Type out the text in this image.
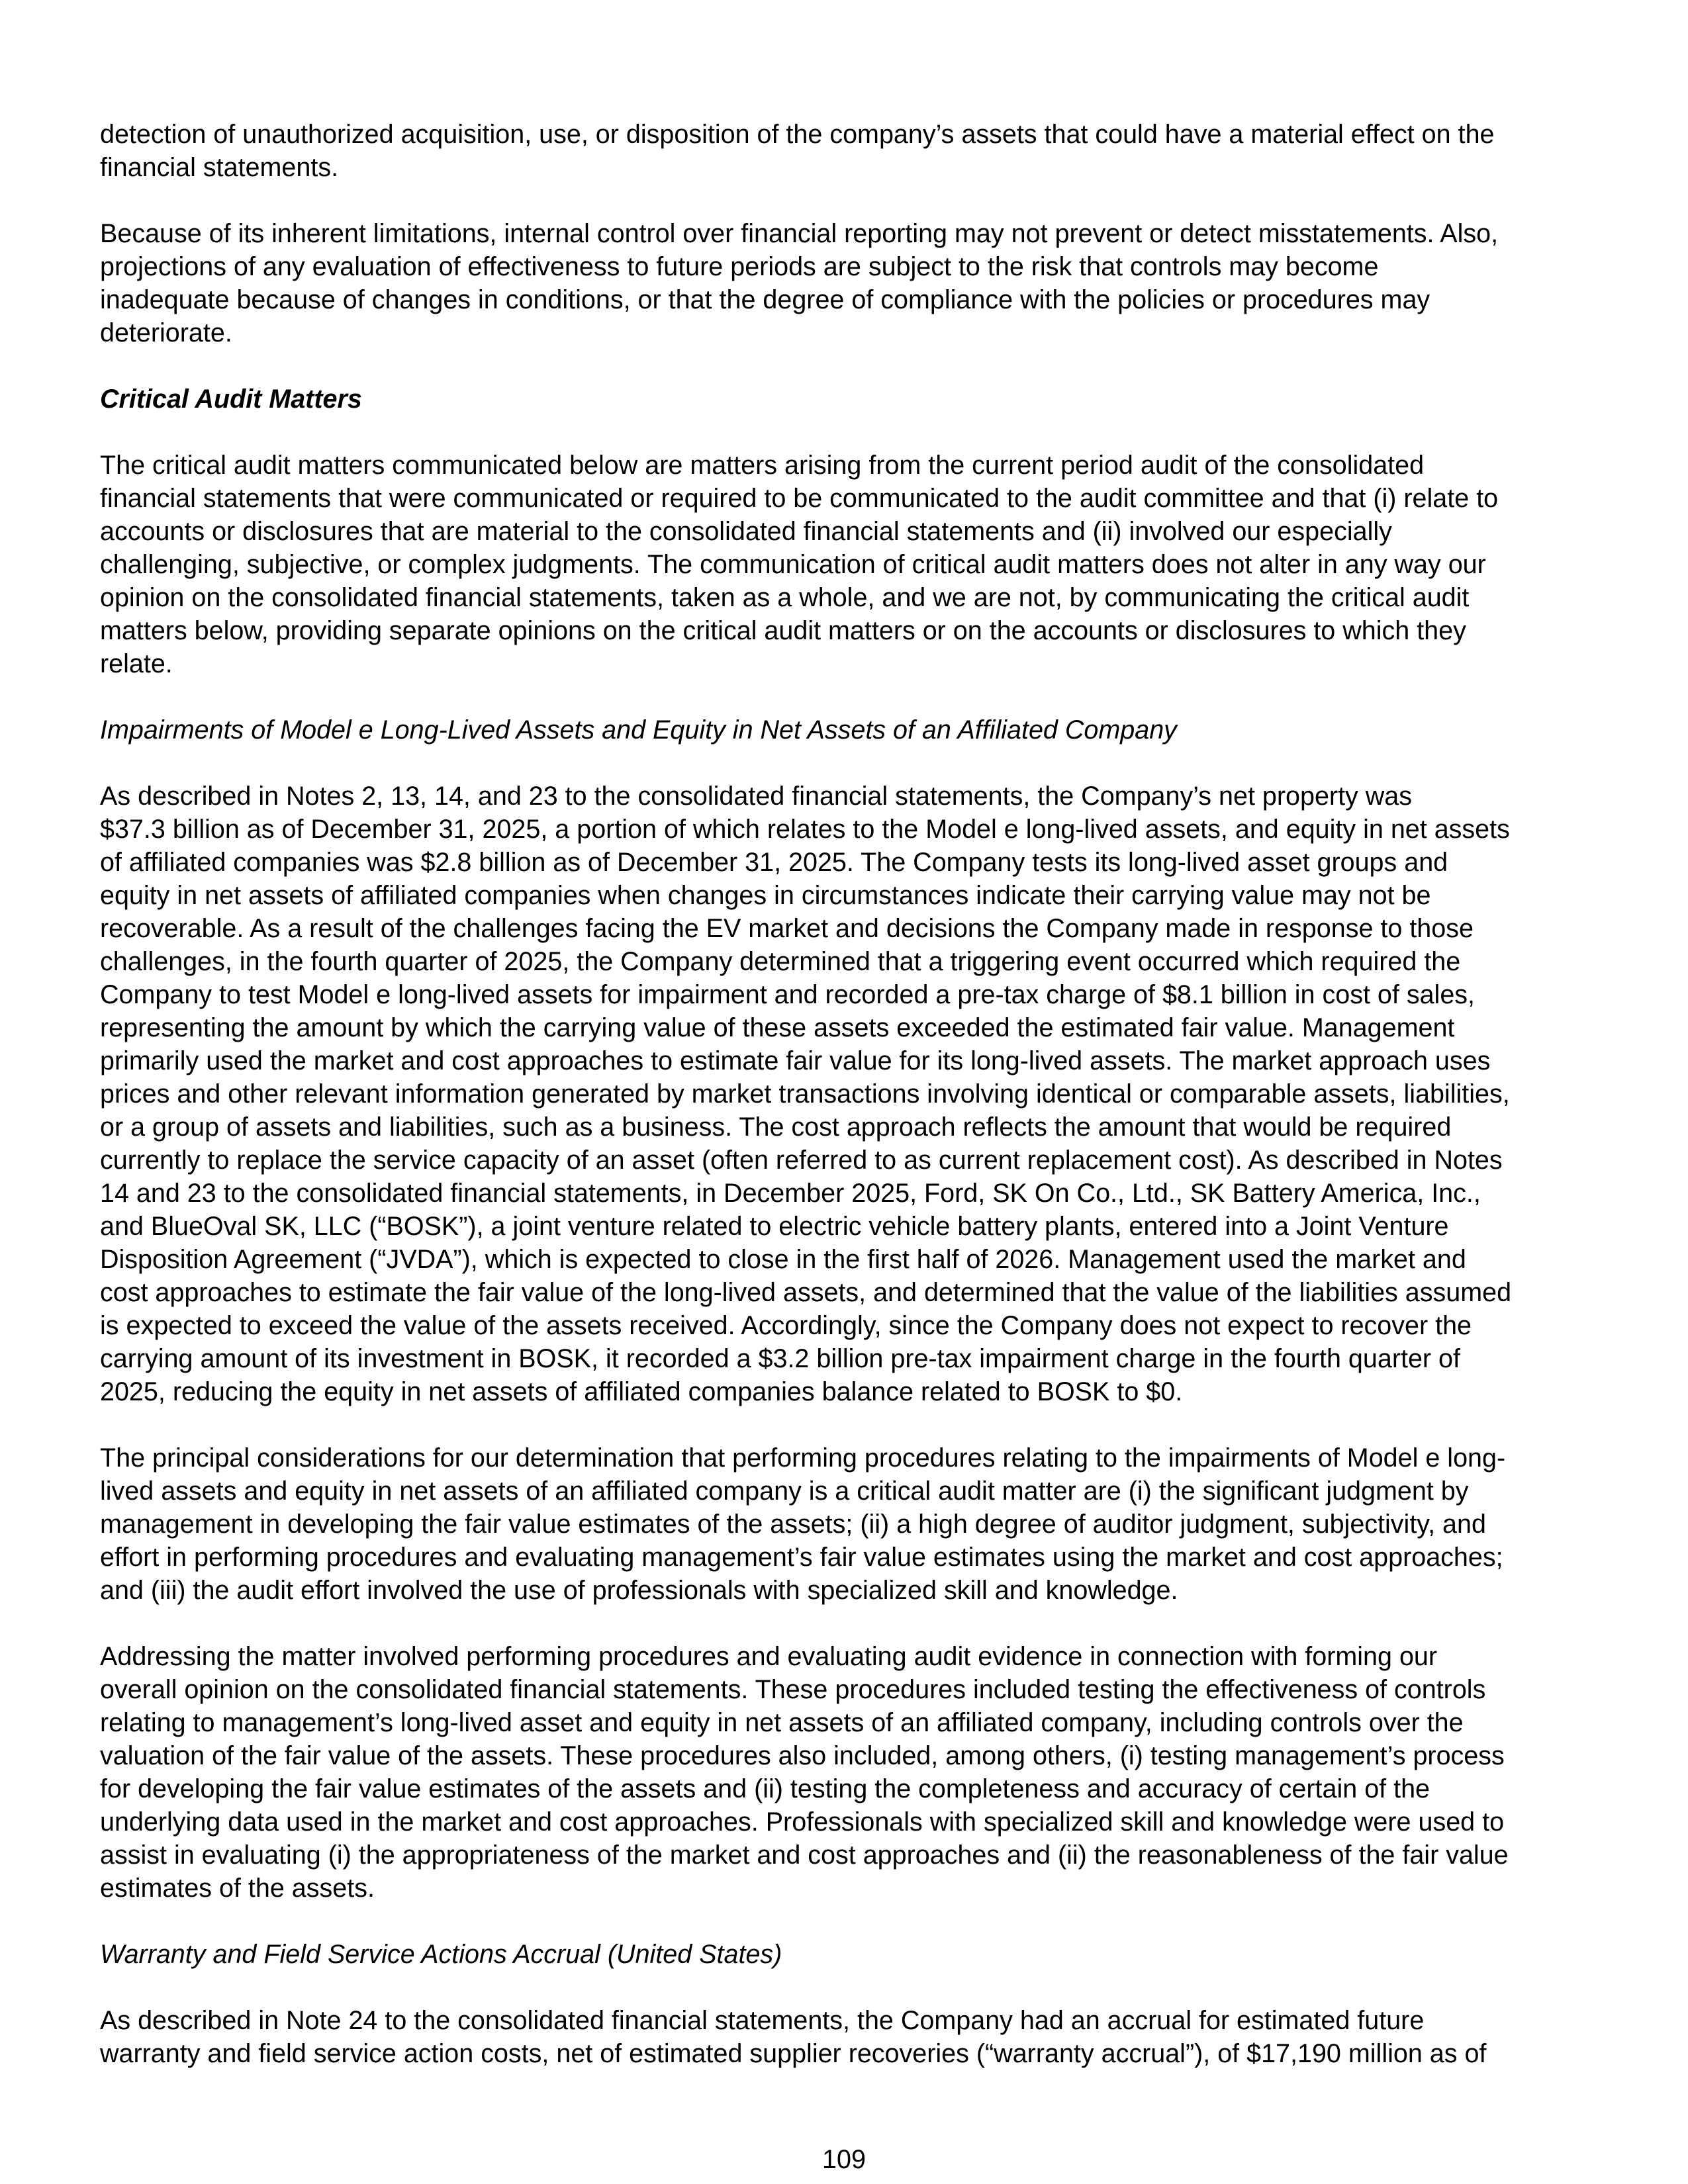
detection of unauthorized acquisition, use, or disposition of the company’s assets that could have a material effect on the
financial statements.

Because of its inherent limitations, internal control over financial reporting may not prevent or detect misstatements. Also,
projections of any evaluation of effectiveness to future periods are subject to the risk that controls may become
inadequate because of changes in conditions, or that the degree of compliance with the policies or procedures may
deteriorate.

Critical Audit Matters

The critical audit matters communicated below are matters arising from the current period audit of the consolidated
financial statements that were communicated or required to be communicated to the audit committee and that (i) relate to
accounts or disclosures that are material to the consolidated financial statements and (ii) involved our especially
challenging, subjective, or complex judgments. The communication of critical audit matters does not alter in any way our
opinion on the consolidated financial statements, taken as a whole, and we are not, by communicating the critical audit
matters below, providing separate opinions on the critical audit matters or on the accounts or disclosures to which they
relate.

Impairments of Model e Long-Lived Assets and Equity in Net Assets of an Affiliated Company

As described in Notes 2, 13, 14, and 23 to the consolidated financial statements, the Company’s net property was
$37.3 billion as of December 31, 2025, a portion of which relates to the Model e long-lived assets, and equity in net assets
of affiliated companies was $2.8 billion as of December 31, 2025. The Company tests its long-lived asset groups and
equity in net assets of affiliated companies when changes in circumstances indicate their carrying value may not be
recoverable. As a result of the challenges facing the EV market and decisions the Company made in response to those
challenges, in the fourth quarter of 2025, the Company determined that a triggering event occurred which required the
Company to test Model e long-lived assets for impairment and recorded a pre-tax charge of $8.1 billion in cost of sales,
representing the amount by which the carrying value of these assets exceeded the estimated fair value. Management
primarily used the market and cost approaches to estimate fair value for its long-lived assets. The market approach uses
prices and other relevant information generated by market transactions involving identical or comparable assets, liabilities,
or a group of assets and liabilities, such as a business. The cost approach reflects the amount that would be required
currently to replace the service capacity of an asset (often referred to as current replacement cost). As described in Notes
14 and 23 to the consolidated financial statements, in December 2025, Ford, SK On Co., Ltd., SK Battery America, Inc.,
and BlueOval SK, LLC (“BOSK”), a joint venture related to electric vehicle battery plants, entered into a Joint Venture
Disposition Agreement (“JVDA”), which is expected to close in the first half of 2026. Management used the market and
cost approaches to estimate the fair value of the long-lived assets, and determined that the value of the liabilities assumed
is expected to exceed the value of the assets received. Accordingly, since the Company does not expect to recover the
carrying amount of its investment in BOSK, it recorded a $3.2 billion pre-tax impairment charge in the fourth quarter of
2025, reducing the equity in net assets of affiliated companies balance related to BOSK to $0.

The principal considerations for our determination that performing procedures relating to the impairments of Model e long-
lived assets and equity in net assets of an affiliated company is a critical audit matter are (i) the significant judgment by
management in developing the fair value estimates of the assets; (ii) a high degree of auditor judgment, subjectivity, and
effort in performing procedures and evaluating management’s fair value estimates using the market and cost approaches;
and (iii) the audit effort involved the use of professionals with specialized skill and knowledge.

Addressing the matter involved performing procedures and evaluating audit evidence in connection with forming our
overall opinion on the consolidated financial statements. These procedures included testing the effectiveness of controls
relating to management’s long-lived asset and equity in net assets of an affiliated company, including controls over the
valuation of the fair value of the assets. These procedures also included, among others, (i) testing management’s process
for developing the fair value estimates of the assets and (ii) testing the completeness and accuracy of certain of the
underlying data used in the market and cost approaches. Professionals with specialized skill and knowledge were used to
assist in evaluating (i) the appropriateness of the market and cost approaches and (ii) the reasonableness of the fair value
estimates of the assets.

Warranty and Field Service Actions Accrual (United States)

As described in Note 24 to the consolidated financial statements, the Company had an accrual for estimated future
warranty and field service action costs, net of estimated supplier recoveries (“warranty accrual”), of $17,190 million as of

109
